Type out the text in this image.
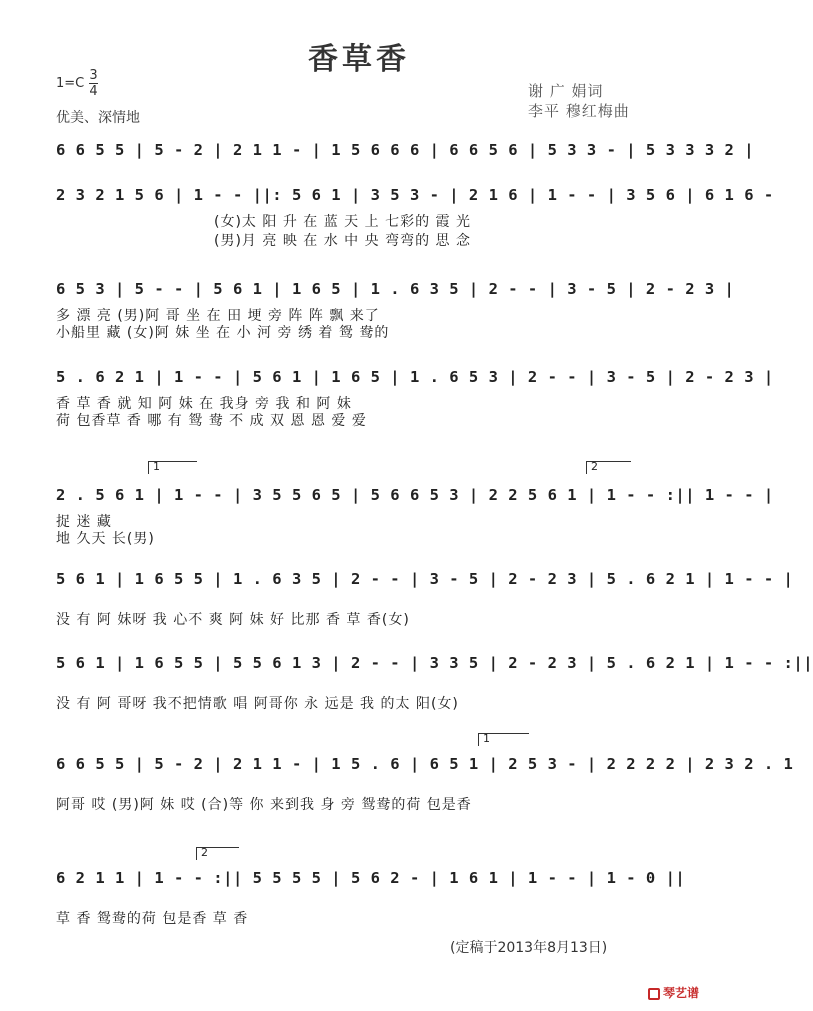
香草香
1=C
3
4
优美、深情地
谢 广 娟词
李平 穆红梅曲
6 6 5 5 | 5 - 2 | 2 1 1 - | 1 5 6 6 6 | 6 6 5 6 | 5 3 3 - | 5 3 3 3 2 |
2 3 2 1 5 6 | 1 - - ||: 5 6 1 | 3 5 3 - | 2 1 6 | 1 - - | 3 5 6 | 6 1 6 -
(女)太 阳 升 在 蓝 天 上 七彩的 霞 光
(男)月 亮 映 在 水 中 央 弯弯的 思 念
6 5 3 | 5 - - | 5 6 1 | 1 6 5 | 1 . 6 3 5 | 2 - - | 3 - 5 | 2 - 2 3 |
多 漂 亮 (男)阿 哥 坐 在 田 埂 旁 阵 阵 飘 来了
小船里 藏 (女)阿 妹 坐 在 小 河 旁 绣 着 鸳 鸯的
5 . 6 2 1 | 1 - - | 5 6 1 | 1 6 5 | 1 . 6 5 3 | 2 - - | 3 - 5 | 2 - 2 3 |
香 草 香 就 知 阿 妹 在 我身 旁 我 和 阿 妹
荷 包香草 香 哪 有 鸳 鸯 不 成 双 恩 恩 爱 爱
1	2
2 . 5 6 1 | 1 - - | 3 5 5 6 5 | 5 6 6 5 3 | 2 2 5 6 1 | 1 - - :|| 1 - - |
捉 迷 藏
地 久天 长(男)
5 6 1 | 1 6 5 5 | 1 . 6 3 5 | 2 - - | 3 - 5 | 2 - 2 3 | 5 . 6 2 1 | 1 - - |
没 有 阿 妹呀 我 心不 爽 阿 妹 好 比那 香 草 香(女)
5 6 1 | 1 6 5 5 | 5 5 6 1 3 | 2 - - | 3 3 5 | 2 - 2 3 | 5 . 6 2 1 | 1 - - :||
没 有 阿 哥呀 我不把情歌 唱 阿哥你 永 远是 我 的太 阳(女)
1
6 6 5 5 | 5 - 2 | 2 1 1 - | 1 5 . 6 | 6 5 1 | 2 5 3 - | 2 2 2 2 | 2 3 2 . 1
阿哥 哎 (男)阿 妹 哎 (合)等 你 来到我 身 旁 鸳鸯的荷 包是香
2
6 2 1 1 | 1 - - :|| 5 5 5 5 | 5 6 2 - | 1 6 1 | 1 - - | 1 - 0 ||
草 香 鸳鸯的荷 包是香 草 香
(定稿于2013年8月13日)
琴艺谱
